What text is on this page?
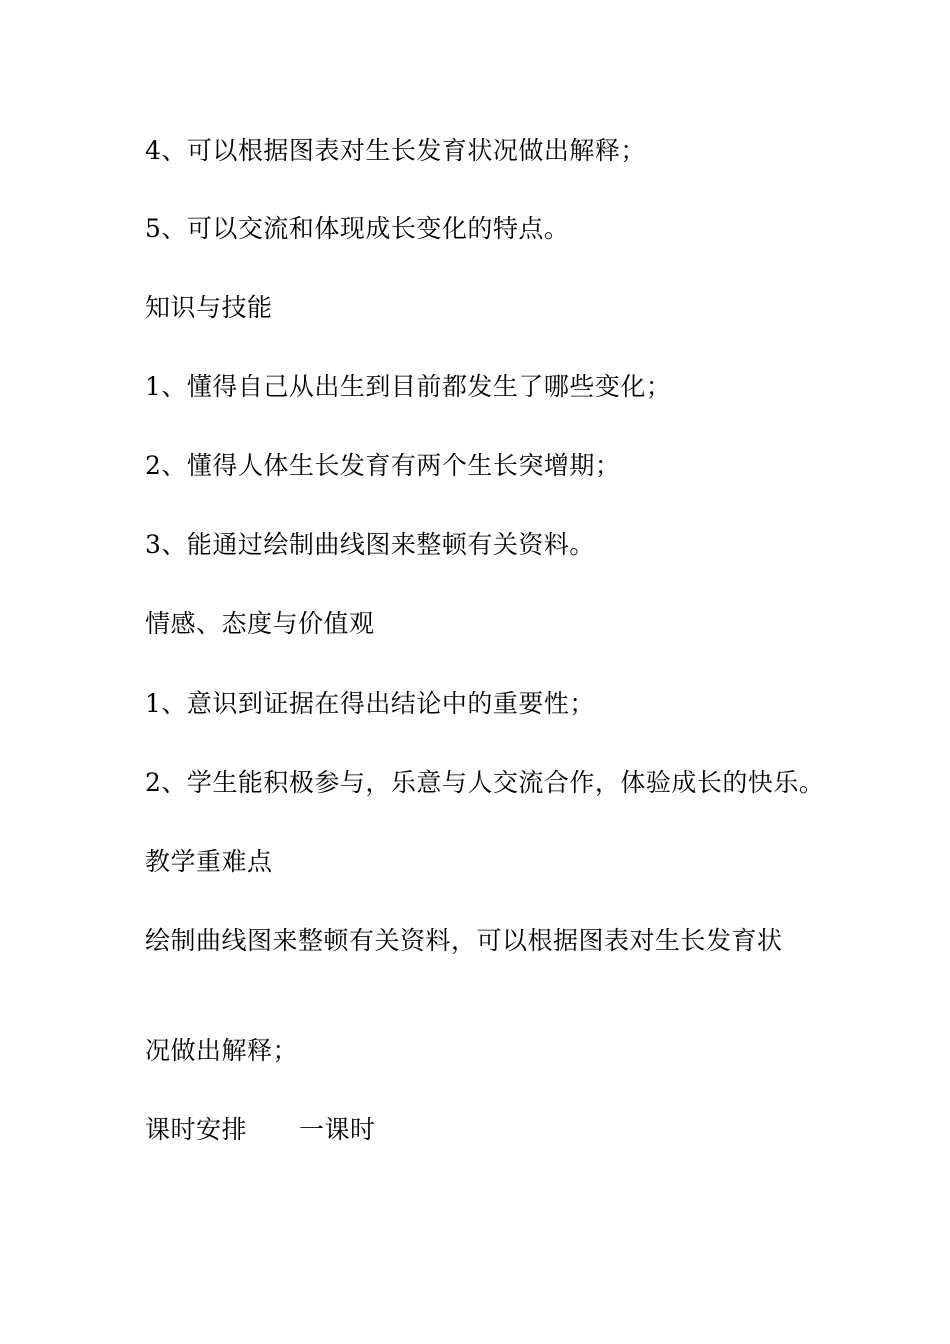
4、可以根据图表对生长发育状况做出解释；
5、可以交流和体现成长变化的特点。
知识与技能
1、懂得自己从出生到目前都发生了哪些变化；
2、懂得人体生长发育有两个生长突增期；
3、能通过绘制曲线图来整顿有关资料。
情感、态度与价值观
1、意识到证据在得出结论中的重要性；
2、学生能积极参与，乐意与人交流合作，体验成长的快乐。
教学重难点
绘制曲线图来整顿有关资料，可以根据图表对生长发育状
况做出解释；
课时安排 一课时
